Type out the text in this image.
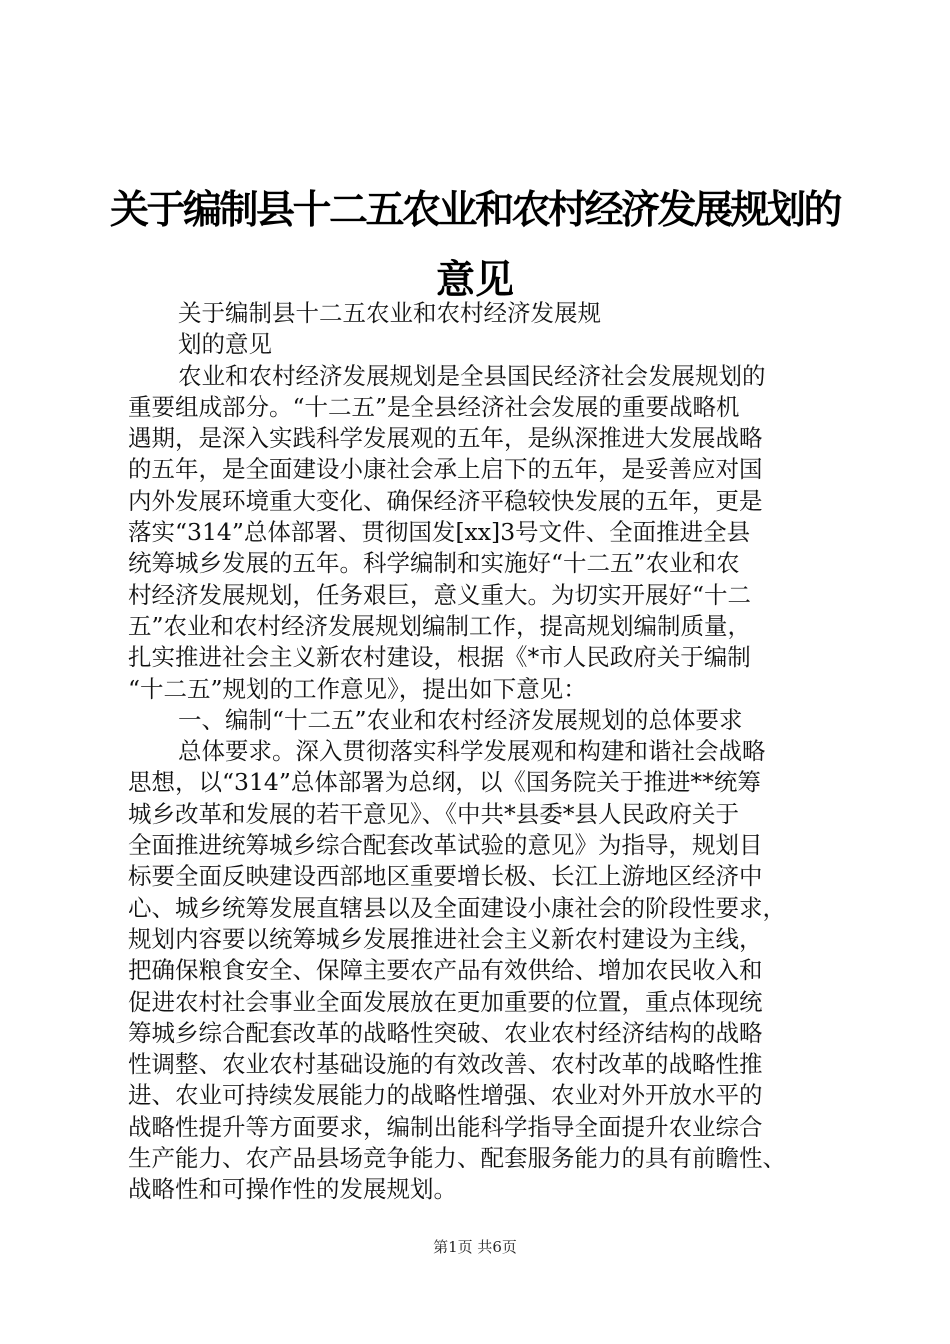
关于编制县十二五农业和农村经济发展规划的
意见
关于编制县十二五农业和农村经济发展规
划的意见
农业和农村经济发展规划是全县国民经济社会发展规划的
重要组成部分。“十二五”是全县经济社会发展的重要战略机
遇期，是深入实践科学发展观的五年，是纵深推进大发展战略
的五年，是全面建设小康社会承上启下的五年，是妥善应对国
内外发展环境重大变化、确保经济平稳较快发展的五年，更是
落实“314”总体部署、贯彻国发[xx]3号文件、全面推进全县
统筹城乡发展的五年。科学编制和实施好“十二五”农业和农
村经济发展规划，任务艰巨，意义重大。为切实开展好“十二
五”农业和农村经济发展规划编制工作，提高规划编制质量，
扎实推进社会主义新农村建设，根据《*市人民政府关于编制
“十二五”规划的工作意见》，提出如下意见：
一、编制“十二五”农业和农村经济发展规划的总体要求
总体要求。深入贯彻落实科学发展观和构建和谐社会战略
思想，以“314”总体部署为总纲，以《国务院关于推进**统筹
城乡改革和发展的若干意见》、《中共*县委*县人民政府关于
全面推进统筹城乡综合配套改革试验的意见》为指导，规划目
标要全面反映建设西部地区重要增长极、长江上游地区经济中
心、城乡统筹发展直辖县以及全面建设小康社会的阶段性要求，
规划内容要以统筹城乡发展推进社会主义新农村建设为主线，
把确保粮食安全、保障主要农产品有效供给、增加农民收入和
促进农村社会事业全面发展放在更加重要的位置，重点体现统
筹城乡综合配套改革的战略性突破、农业农村经济结构的战略
性调整、农业农村基础设施的有效改善、农村改革的战略性推
进、农业可持续发展能力的战略性增强、农业对外开放水平的
战略性提升等方面要求，编制出能科学指导全面提升农业综合
生产能力、农产品县场竞争能力、配套服务能力的具有前瞻性、
战略性和可操作性的发展规划。
第1页 共6页
